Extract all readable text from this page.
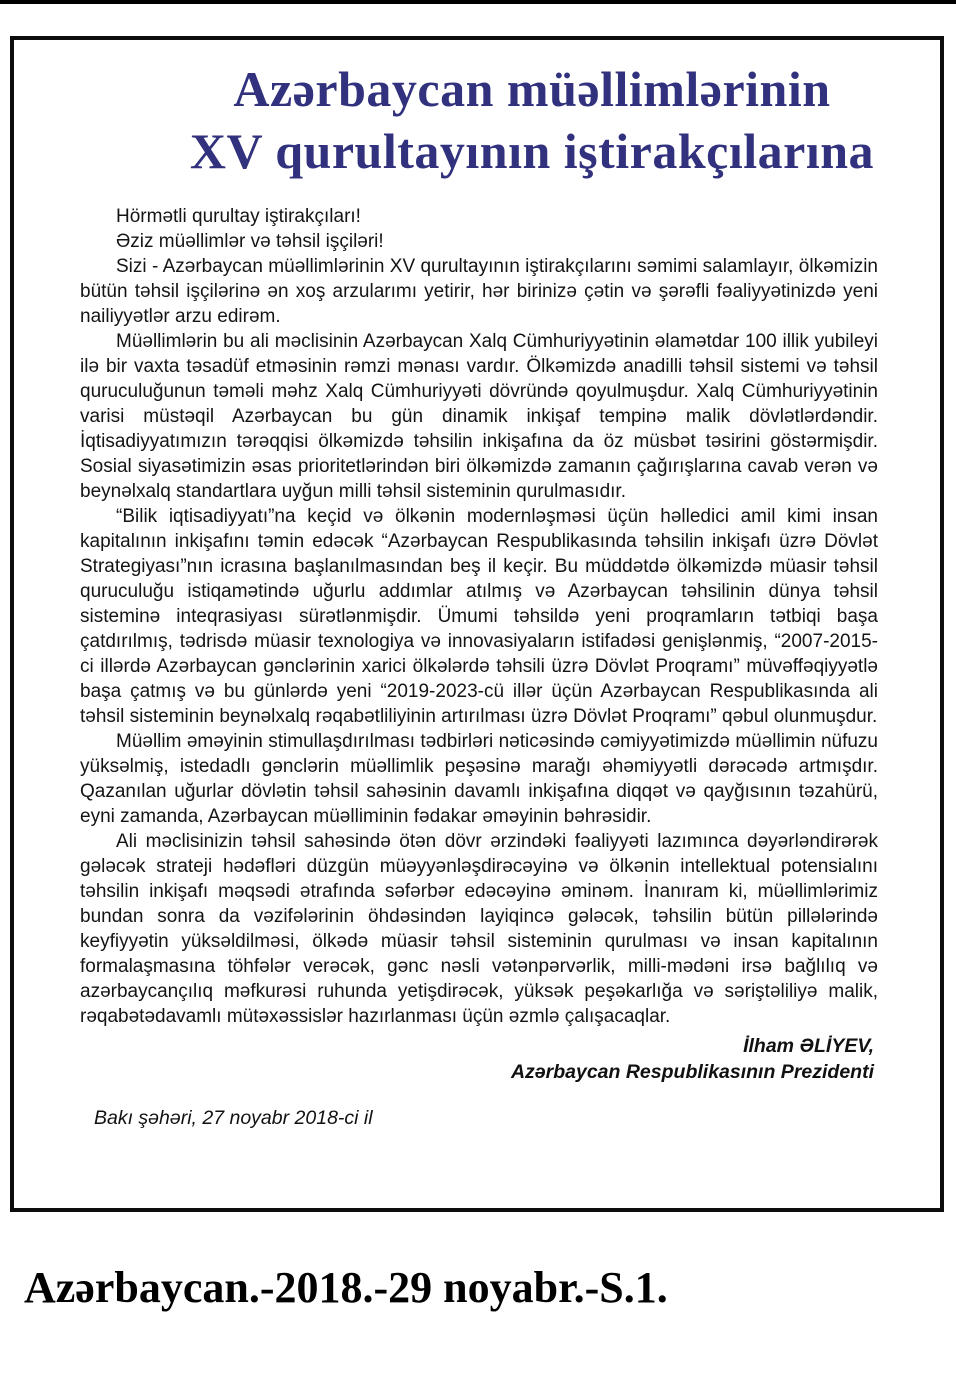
Azərbaycan müəllimlərinin
XV qurultayının iştirakçılarına
Hörmətli qurultay iştirakçıları!
Əziz müəllimlər və təhsil işçiləri!

Sizi - Azərbaycan müəllimlərinin XV qurultayının iştirakçılarını səmimi salamlayır, ölkəmizin bütün təhsil işçilərinə ən xoş arzularımı yetirir, hər birinizə çətin və şərəfli fəaliyyətinizdə yeni nailiyyətlər arzu edirəm.

Müəllimlərin bu ali məclisinin Azərbaycan Xalq Cümhuriyyətinin əlamətdar 100 illik yubileyi ilə bir vaxta təsadüf etməsinin rəmzi mənası vardır. Ölkəmizdə anadilli təhsil sistemi və təhsil quruculuğunun təməli məhz Xalq Cümhuriyyəti dövründə qoyulmuşdur. Xalq Cümhuriyyətinin varisi müstəqil Azərbaycan bu gün dinamik inkişaf tempinə malik dövlətlərdəndir. İqtisadiyyatımızın tərəqqisi ölkəmizdə təhsilin inkişafına da öz müsbət təsirini göstərmişdir. Sosial siyasətimizin əsas prioritetlərindən biri ölkəmizdə zamanın çağırışlarına cavab verən və beynəlxalq standartlara uyğun milli təhsil sisteminin qurulmasıdır.

“Bilik iqtisadiyyatı”na keçid və ölkənin modernləşməsi üçün həlledici amil kimi insan kapitalının inkişafını təmin edəcək “Azərbaycan Respublikasında təhsilin inkişafı üzrə Dövlət Strategiyası”nın icrasına başlanılmasından beş il keçir. Bu müddətdə ölkəmizdə müasir təhsil quruculuğu istiqamətində uğurlu addımlar atılmış və Azərbaycan təhsilinin dünya təhsil sisteminə inteqrasiyası sürətlənmişdir. Ümumi təhsildə yeni proqramların tətbiqi başa çatdırılmış, tədrisdə müasir texnologiya və innovasiyaların istifadəsi genişlənmiş, “2007-2015-ci illərdə Azərbaycan gənclərinin xarici ölkələrdə təhsili üzrə Dövlət Proqramı” müvəffəqiyyətlə başa çatmış və bu günlərdə yeni “2019-2023-cü illər üçün Azərbaycan Respublikasında ali təhsil sisteminin beynəlxalq rəqabətliliyinin artırılması üzrə Dövlət Proqramı” qəbul olunmuşdur.

Müəllim əməyinin stimullaşdırılması tədbirləri nəticəsində cəmiyyətimizdə müəllimin nüfuzu yüksəlmiş, istedadlı gənclərin müəllimlik peşəsinə marağı əhəmiyyətli dərəcədə artmışdır. Qazanılan uğurlar dövlətin təhsil sahəsinin davamlı inkişafına diqqət və qayğısının təzahürü, eyni zamanda, Azərbaycan müəlliminin fədakar əməyinin bəhrəsidir.

Ali məclisinizin təhsil sahəsində ötən dövr ərzindəki fəaliyyəti lazımınca dəyərləndirərək gələcək strateji hədəfləri düzgün müəyyənləşdirəcəyinə və ölkənin intellektual potensialını təhsilin inkişafı məqsədi ətrafında səfərbər edəcəyinə əminəm. İnanıram ki, müəllimlərimiz bundan sonra da vəzifələrinin öhdəsindən layiqincə gələcək, təhsilin bütün pillələrində keyfiyyətin yüksəldilməsi, ölkədə müasir təhsil sisteminin qurulması və insan kapitalının formalaşmasına töhfələr verəcək, gənc nəsli vətənpərvərlik, milli-mədəni irsə bağlılıq və azərbaycançılıq məfkurəsi ruhunda yetişdirəcək, yüksək peşəkarlığa və səriştəliliyə malik, rəqabətədavamlı mütəxəssislər hazırlanması üçün əzmlə çalışacaqlar.

İlham ƏLİYEV,
Azərbaycan Respublikasının Prezidenti
Bakı şəhəri, 27 noyabr 2018-ci il
Azərbaycan.-2018.-29 noyabr.-S.1.
